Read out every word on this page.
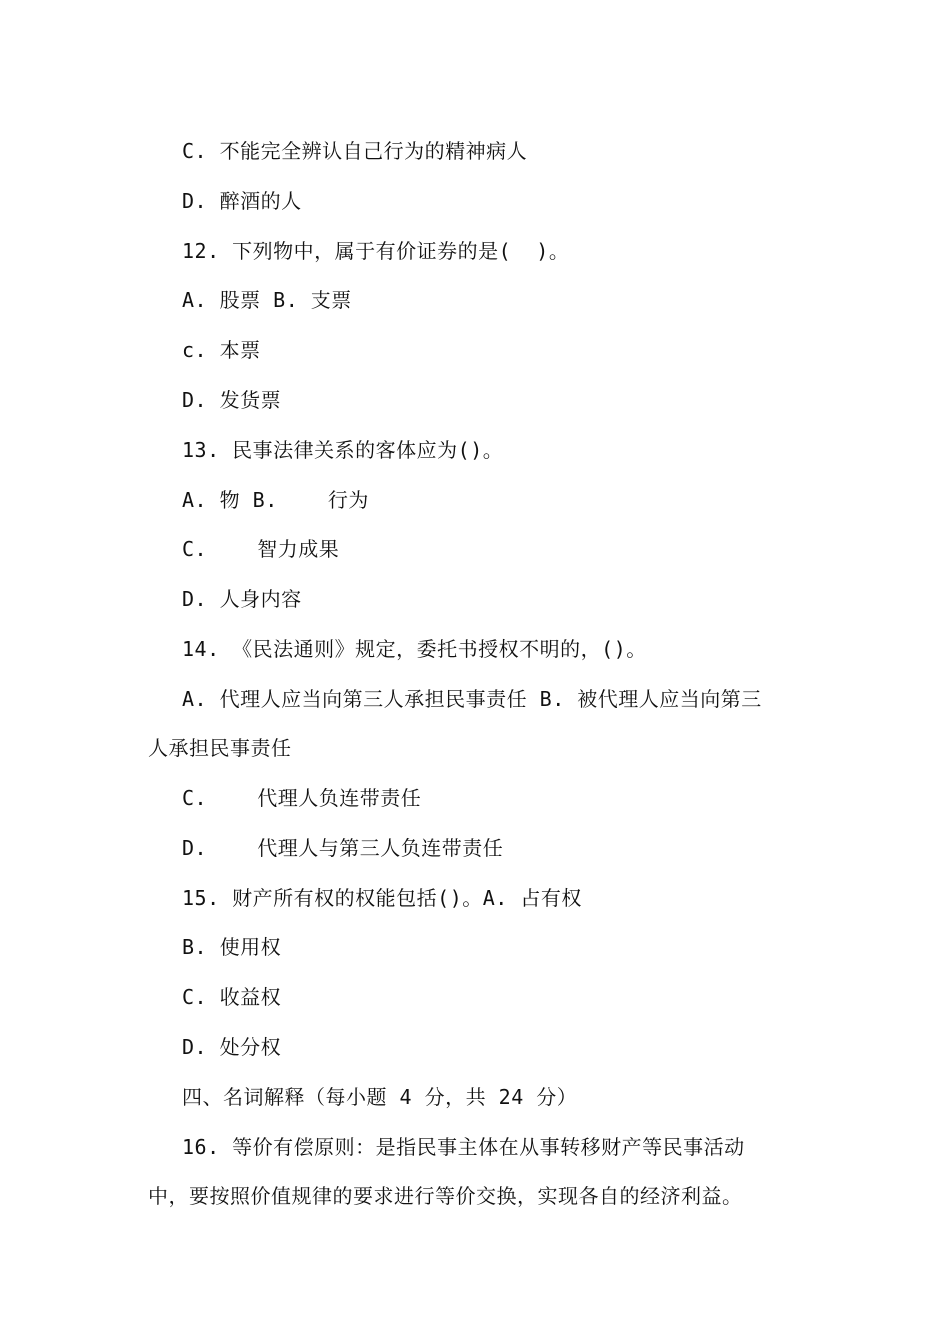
C. 不能完全辨认自己行为的精神病人
D. 醉酒的人
12. 下列物中，属于有价证券的是(  )。
A. 股票 B. 支票
c. 本票
D. 发货票
13. 民事法律关系的客体应为()。
A. 物 B.    行为
C.    智力成果
D. 人身内容
14. 《民法通则》规定，委托书授权不明的，()。
A. 代理人应当向第三人承担民事责任 B. 被代理人应当向第三
人承担民事责任
C.    代理人负连带责任
D.    代理人与第三人负连带责任
15. 财产所有权的权能包括()。A. 占有权
B. 使用权
C. 收益权
D. 处分权
四、名词解释（每小题 4 分，共 24 分）
16. 等价有偿原则：是指民事主体在从事转移财产等民事活动
中，要按照价值规律的要求进行等价交换，实现各自的经济利益。
